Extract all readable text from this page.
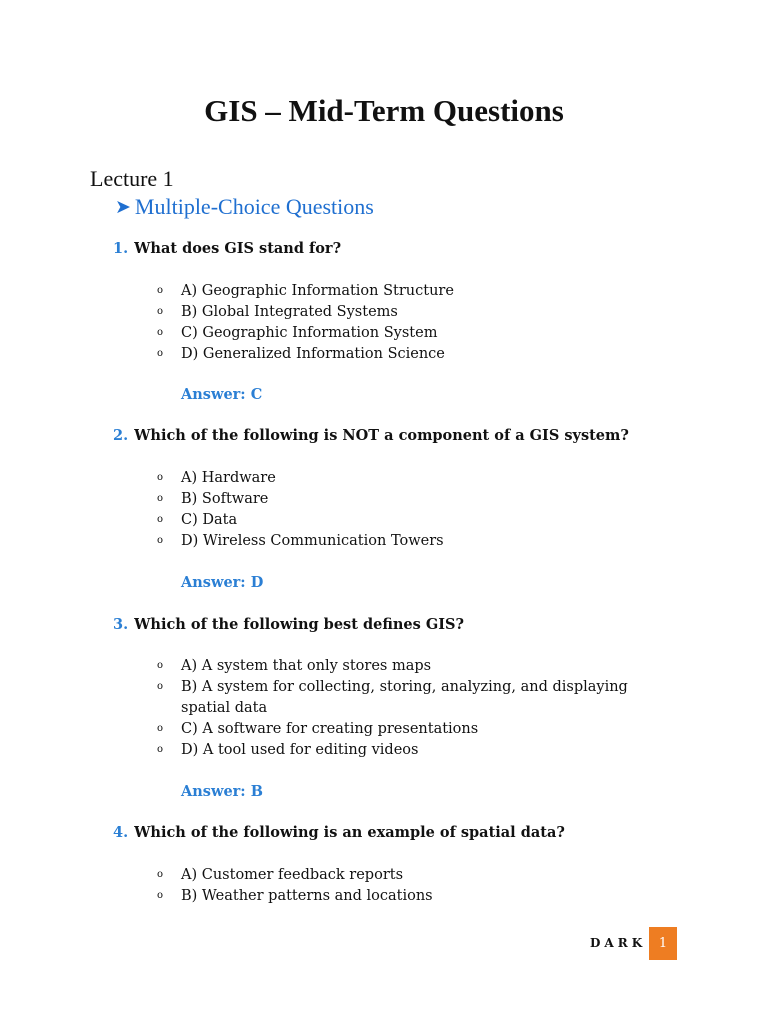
GIS – Mid-Term Questions
Lecture 1
➤ Multiple-Choice Questions
1. What does GIS stand for?
o A) Geographic Information Structure
o B) Global Integrated Systems
o C) Geographic Information System
o D) Generalized Information Science
Answer: C
2. Which of the following is NOT a component of a GIS system?
o A) Hardware
o B) Software
o C) Data
o D) Wireless Communication Towers
Answer: D
3. Which of the following best defines GIS?
o A) A system that only stores maps
o B) A system for collecting, storing, analyzing, and displaying spatial data
o C) A software for creating presentations
o D) A tool used for editing videos
Answer: B
4. Which of the following is an example of spatial data?
o A) Customer feedback reports
o B) Weather patterns and locations
DARK 1
